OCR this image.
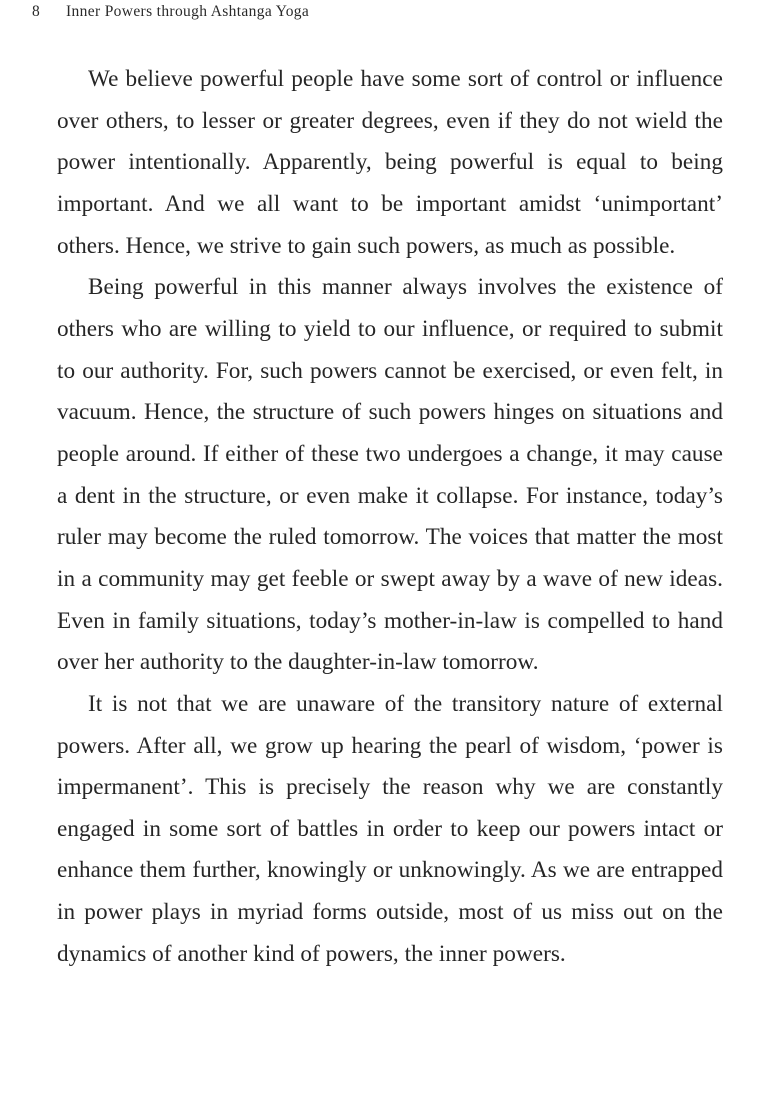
8 Inner Powers through Ashtanga Yoga

We believe powerful people have some sort of control or influence over others, to lesser or greater degrees, even if they do not wield the power intentionally. Apparently, being powerful is equal to being important. And we all want to be important amidst ‘unimportant’ others. Hence, we strive to gain such powers, as much as possible.

Being powerful in this manner always involves the existence of others who are willing to yield to our influence, or required to submit to our authority. For, such powers cannot be exercised, or even felt, in vacuum. Hence, the structure of such powers hinges on situations and people around. If either of these two undergoes a change, it may cause a dent in the structure, or even make it collapse. For instance, today’s ruler may become the ruled tomorrow. The voices that matter the most in a community may get feeble or swept away by a wave of new ideas. Even in family situations, today’s mother-in-law is compelled to hand over her authority to the daughter-in-law tomorrow.

It is not that we are unaware of the transitory nature of external powers. After all, we grow up hearing the pearl of wisdom, ‘power is impermanent’. This is precisely the reason why we are constantly engaged in some sort of battles in order to keep our powers intact or enhance them further, knowingly or unknowingly. As we are entrapped in power plays in myriad forms outside, most of us miss out on the dynamics of another kind of powers, the inner powers.
